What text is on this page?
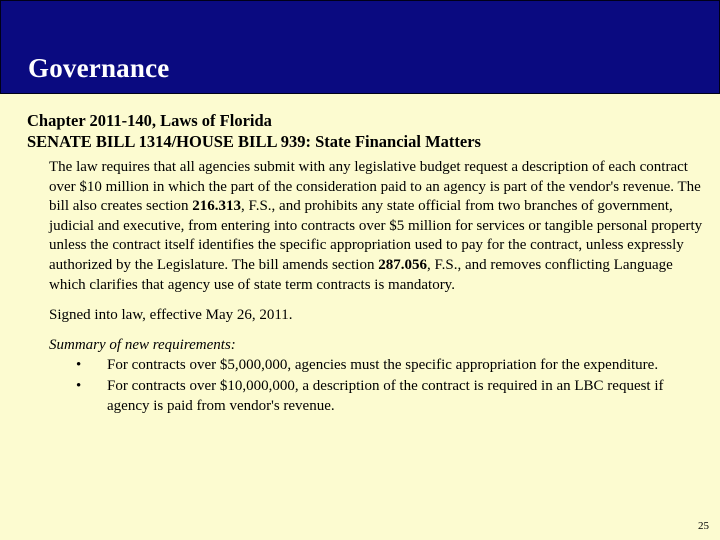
Governance
Chapter 2011-140, Laws of Florida
SENATE BILL 1314/HOUSE BILL 939: State Financial Matters

The law requires that all agencies submit with any legislative budget request a description of each contract over $10 million in which the part of the consideration paid to an agency is part of the vendor's revenue. The bill also creates section 216.313, F.S., and prohibits any state official from two branches of government, judicial and executive, from entering into contracts over $5 million for services or tangible personal property unless the contract itself identifies the specific appropriation used to pay for the contract, unless expressly authorized by the Legislature. The bill amends section 287.056, F.S., and removes conflicting Language which clarifies that agency use of state term contracts is mandatory.

Signed into law, effective May 26, 2011.
Summary of new requirements:
• For contracts over $5,000,000, agencies must the specific appropriation for the expenditure.
• For contracts over $10,000,000, a description of the contract is required in an LBC request if agency is paid from vendor's revenue.
25
